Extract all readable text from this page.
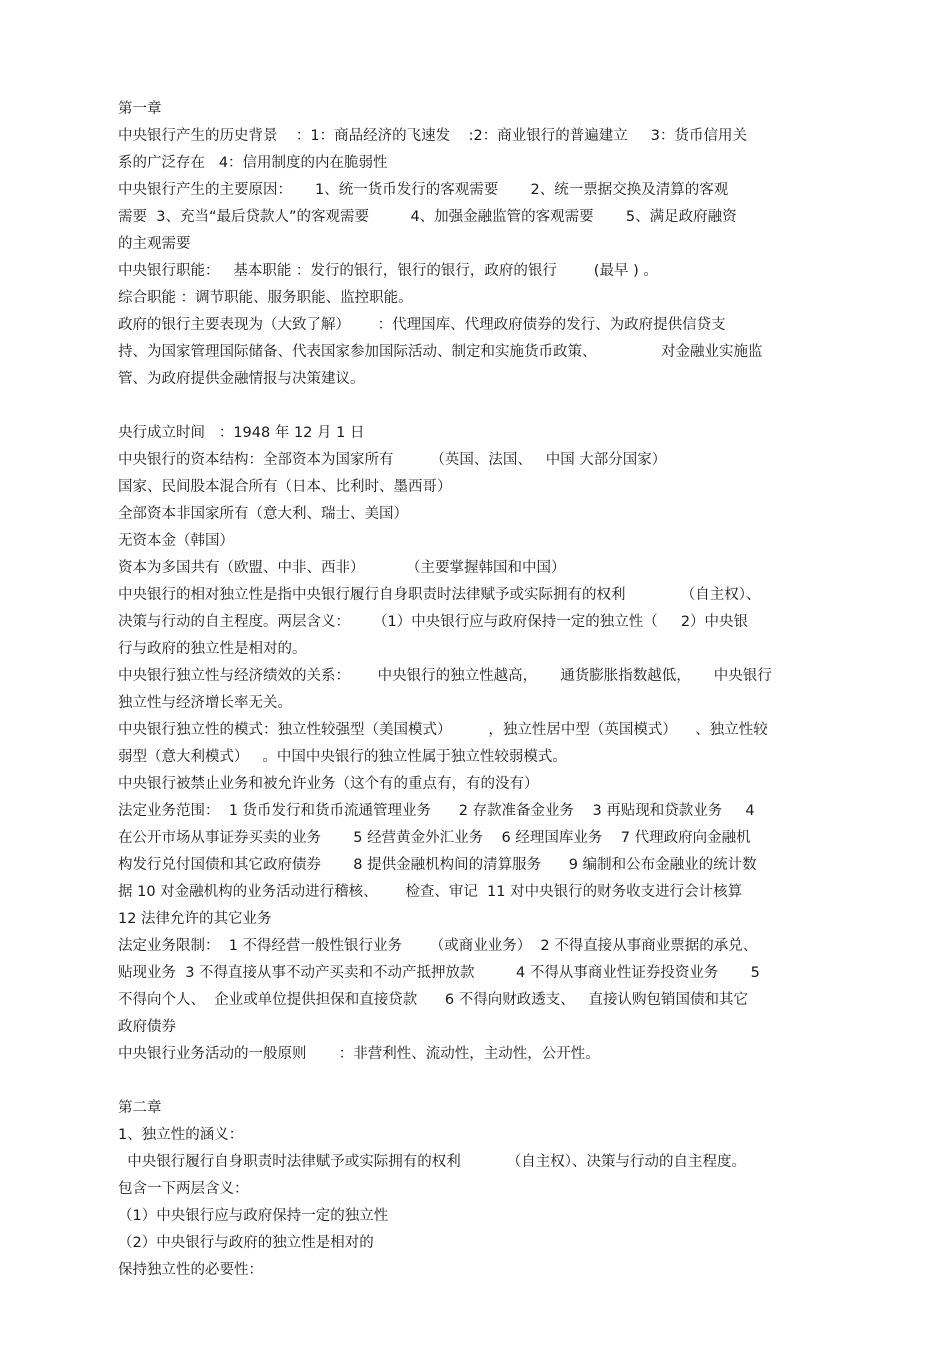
第一章
中央银行产生的历史背景    ：1：商品经济的飞速发    :2：商业银行的普遍建立     3：货币信用关
系的广泛存在   4：信用制度的内在脆弱性
中央银行产生的主要原因：     1、统一货币发行的客观需要       2、统一票据交换及清算的客观
需要  3、充当“最后贷款人”的客观需要         4、加强金融监管的客观需要       5、满足政府融资
的主观需要
中央银行职能：   基本职能 ：发行的银行，银行的银行，政府的银行        (最早 ) 。
综合职能 ：调节职能、服务职能、监控职能。
政府的银行主要表现为（大致了解）      ：代理国库、代理政府债券的发行、为政府提供信贷支
持、为国家管理国际储备、代表国家参加国际活动、制定和实施货币政策、              对金融业实施监
管、为政府提供金融情报与决策建议。
央行成立时间   ：1948 年 12 月 1 日
中央银行的资本结构：全部资本为国家所有        （英国、法国、   中国 大部分国家）
国家、民间股本混合所有（日本、比利时、墨西哥）
全部资本非国家所有（意大利、瑞士、美国）
无资本金（韩国）
资本为多国共有（欧盟、中非、西非）         （主要掌握韩国和中国）
中央银行的相对独立性是指中央银行履行自身职责时法律赋予或实际拥有的权利            （自主权）、
决策与行动的自主程度。两层含义：     （1）中央银行应与政府保持一定的独立性（     2）中央银
行与政府的独立性是相对的。
中央银行独立性与经济绩效的关系：      中央银行的独立性越高，     通货膨胀指数越低，     中央银行
独立性与经济增长率无关。
中央银行独立性的模式：独立性较强型（美国模式）        ，独立性居中型（英国模式）    、独立性较
弱型（意大利模式）   。中国中央银行的独立性属于独立性较弱模式。
中央银行被禁止业务和被允许业务（这个有的重点有，有的没有）
法定业务范围：  1 货币发行和货币流通管理业务      2 存款准备金业务    3 再贴现和贷款业务     4
在公开市场从事证券买卖的业务       5 经营黄金外汇业务    6 经理国库业务    7 代理政府向金融机
构发行兑付国债和其它政府债券       8 提供金融机构间的清算服务      9 编制和公布金融业的统计数
据 10 对金融机构的业务活动进行稽核、      检查、审记  11 对中央银行的财务收支进行会计核算
12 法律允许的其它业务
法定业务限制：  1 不得经营一般性银行业务      （或商业业务）  2 不得直接从事商业票据的承兑、
贴现业务  3 不得直接从事不动产买卖和不动产抵押放款         4 不得从事商业性证券投资业务       5
不得向个人、  企业或单位提供担保和直接贷款      6 不得向财政透支、   直接认购包销国债和其它
政府债券
中央银行业务活动的一般原则       ：非营利性、流动性，主动性，公开性。
第二章
1、独立性的涵义：
中央银行履行自身职责时法律赋予或实际拥有的权利          （自主权）、决策与行动的自主程度。
包含一下两层含义：
（1）中央银行应与政府保持一定的独立性
（2）中央银行与政府的独立性是相对的
保持独立性的必要性：
